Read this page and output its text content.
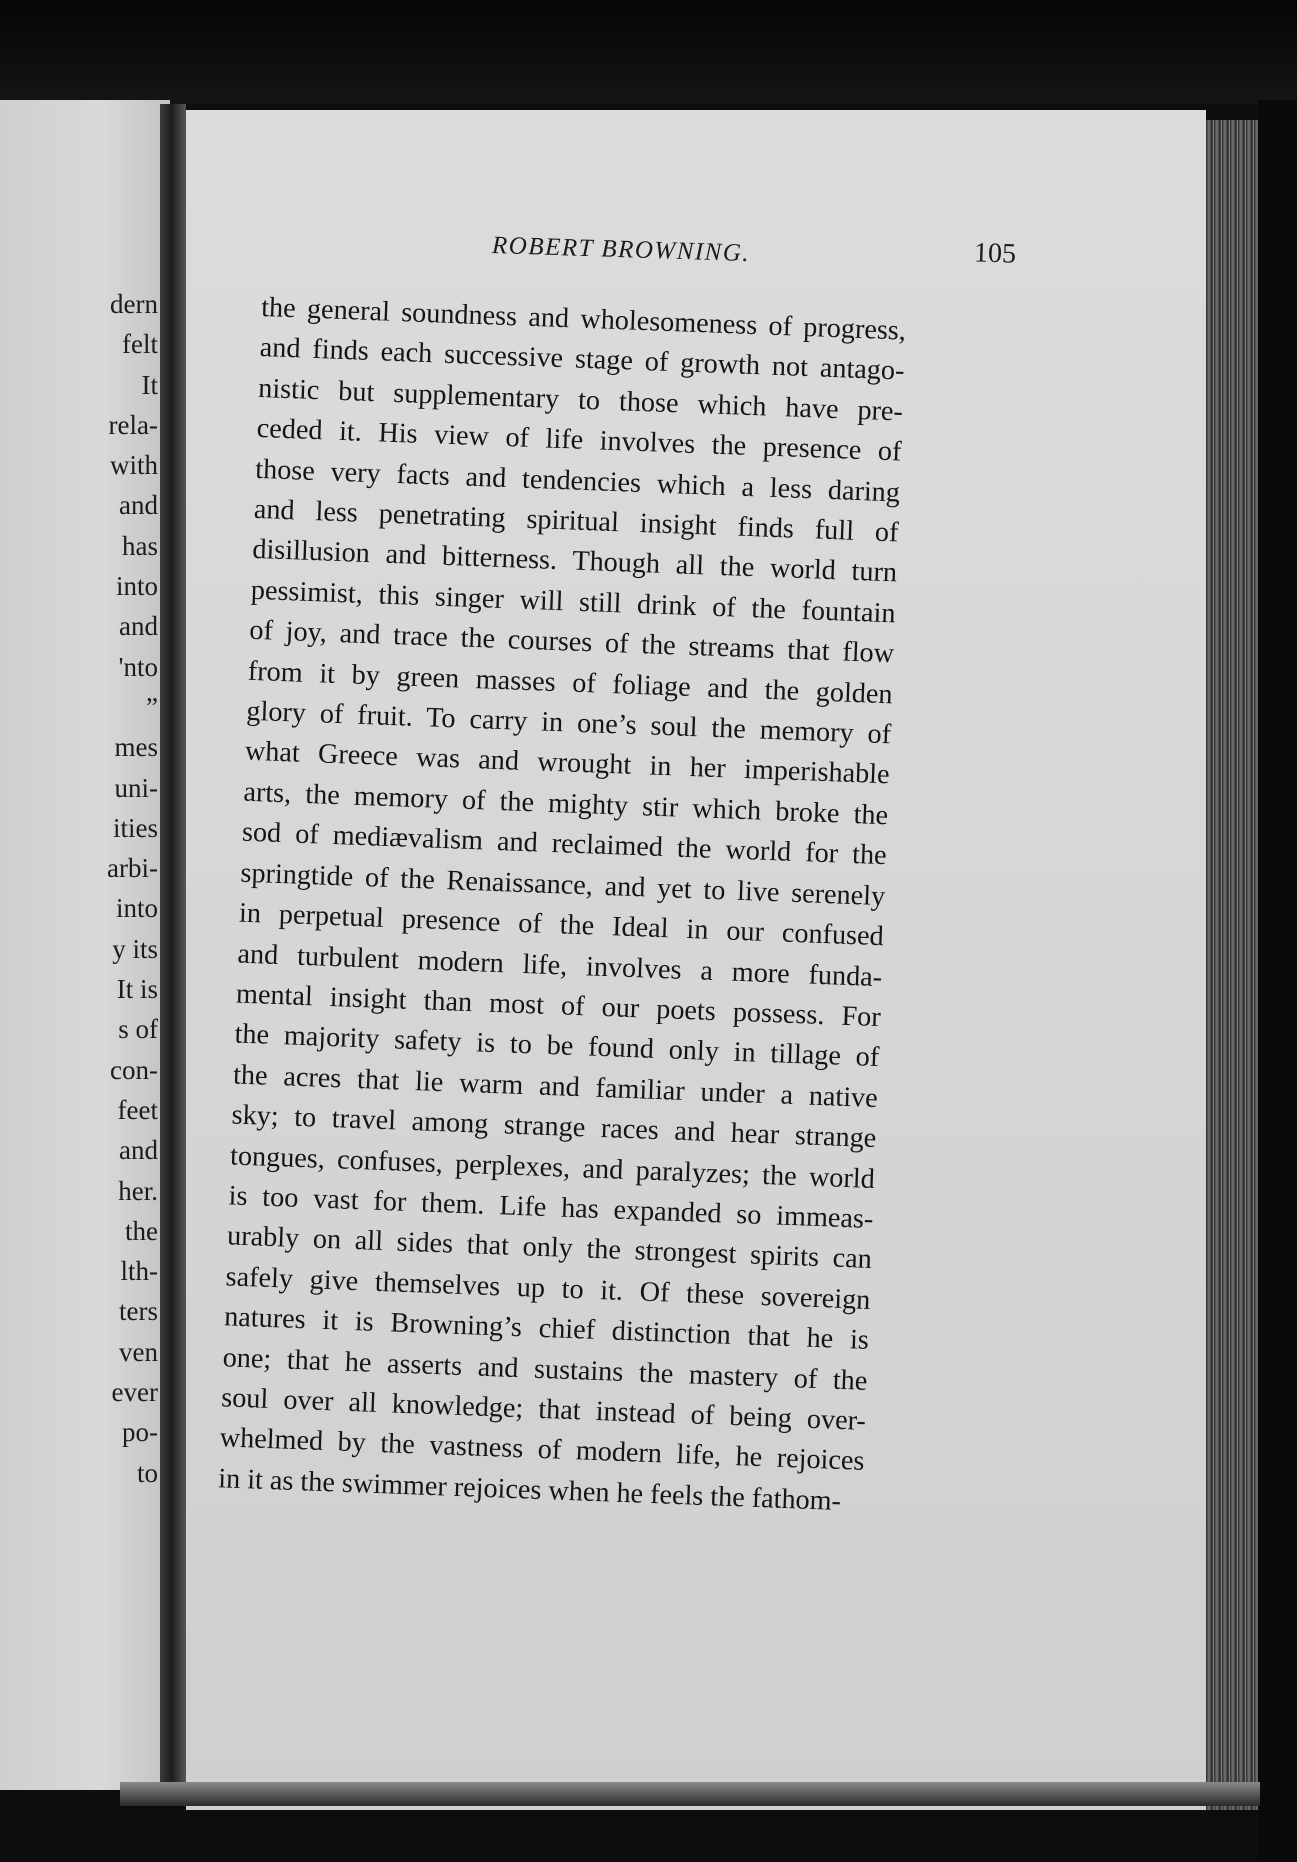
dern
felt
It
rela-
with
and
has
into
and
'nto
”
mes
uni-
ities
arbi-
into
y its
It is
s of
con-
feet
and
her.
the
lth-
ters
ven
ever
po-
to
ROBERT BROWNING.	105
the general soundness and wholesomeness of progress,
and finds each successive stage of growth not antago-
nistic but supplementary to those which have pre-
ceded it. His view of life involves the presence of
those very facts and tendencies which a less daring
and less penetrating spiritual insight finds full of
disillusion and bitterness. Though all the world turn
pessimist, this singer will still drink of the fountain
of joy, and trace the courses of the streams that flow
from it by green masses of foliage and the golden
glory of fruit. To carry in one’s soul the memory of
what Greece was and wrought in her imperishable
arts, the memory of the mighty stir which broke the
sod of mediævalism and reclaimed the world for the
springtide of the Renaissance, and yet to live serenely
in perpetual presence of the Ideal in our confused
and turbulent modern life, involves a more funda-
mental insight than most of our poets possess. For
the majority safety is to be found only in tillage of
the acres that lie warm and familiar under a native
sky; to travel among strange races and hear strange
tongues, confuses, perplexes, and paralyzes; the world
is too vast for them. Life has expanded so immeas-
urably on all sides that only the strongest spirits can
safely give themselves up to it. Of these sovereign
natures it is Browning’s chief distinction that he is
one; that he asserts and sustains the mastery of the
soul over all knowledge; that instead of being over-
whelmed by the vastness of modern life, he rejoices
in it as the swimmer rejoices when he feels the fathom-
